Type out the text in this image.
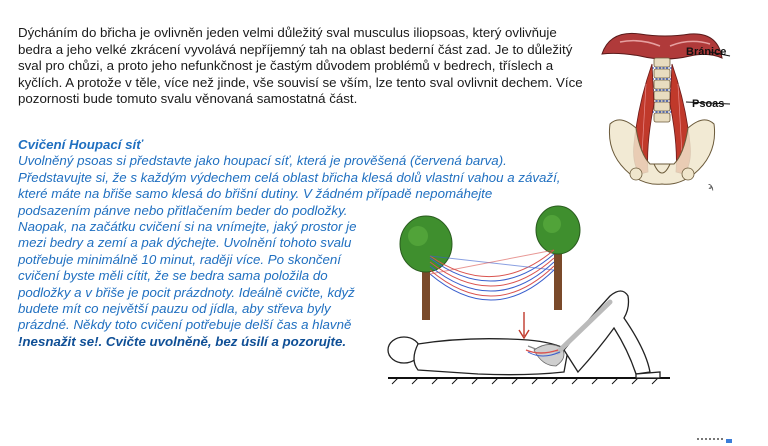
Dýcháním do břicha je ovlivněn jeden velmi důležitý sval musculus iliopsoas, který ovlivňuje bedra a jeho velké zkrácení vyvolává nepříjemný tah na oblast bederní část zad. Je to důležitý sval pro chůzi, a proto jeho nefunkčnost je častým důvodem problémů v bedrech, tříslech a kyčlích. A protože v těle, více než jinde, vše souvisí se vším, lze tento sval ovlivnit dechem. Více pozornosti bude tomuto svalu věnovaná samostatná část.

Cvičení Houpací síť
Uvolněný psoas si představte jako houpací síť, která je prověšená (červená barva).
Představujte si, že s každým výdechem celá oblast břicha klesá dolů vlastní vahou a závaží, které máte na břiše samo klesá do břišní dutiny. V žádném případě nepomáhejte
podsazením pánve nebo přitlačením beder do podložky.
Naopak, na začátku cvičení si na vnímejte, jaký prostor je mezi bedry a zemí a pak dýchejte. Uvolnění tohoto svalu potřebuje minimálně 10 minut, raději více. Po skončení cvičení byste měli cítit, že se bedra sama položila do podložky a v břiše je pocit prázdnoty. Ideálně cvičte, když budete mít co největší pauzu od jídla, aby střeva byly prázdné. Někdy toto cvičení potřebuje delší čas a hlavně !nesnažit se!. Cvičte uvolněně, bez úsilí a pozorujte.
ϡ
Bránice
Psoas
